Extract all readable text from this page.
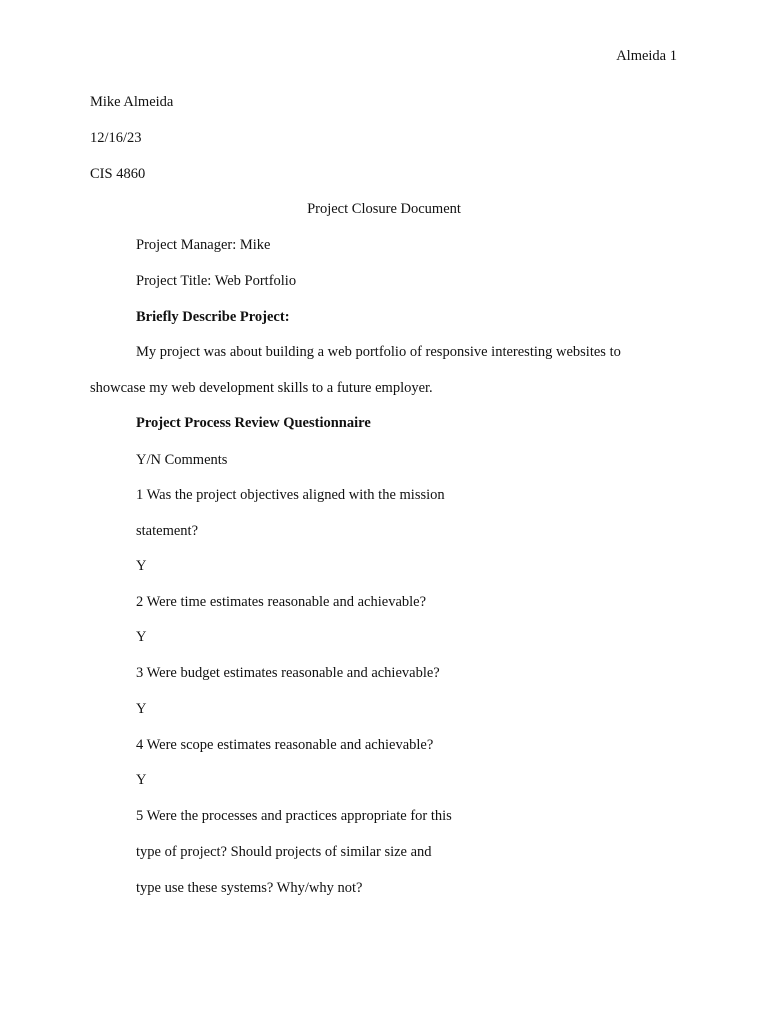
Almeida 1
Mike Almeida
12/16/23
CIS 4860
Project Closure Document
Project Manager: Mike
Project Title: Web Portfolio
Briefly Describe Project:
My project was about building a web portfolio of responsive interesting websites to
showcase my web development skills to a future employer.
Project Process Review Questionnaire
Y/N Comments
1 Was the project objectives aligned with the mission
statement?
Y
2 Were time estimates reasonable and achievable?
Y
3 Were budget estimates reasonable and achievable?
Y
4 Were scope estimates reasonable and achievable?
Y
5 Were the processes and practices appropriate for this
type of project? Should projects of similar size and
type use these systems? Why/why not?
